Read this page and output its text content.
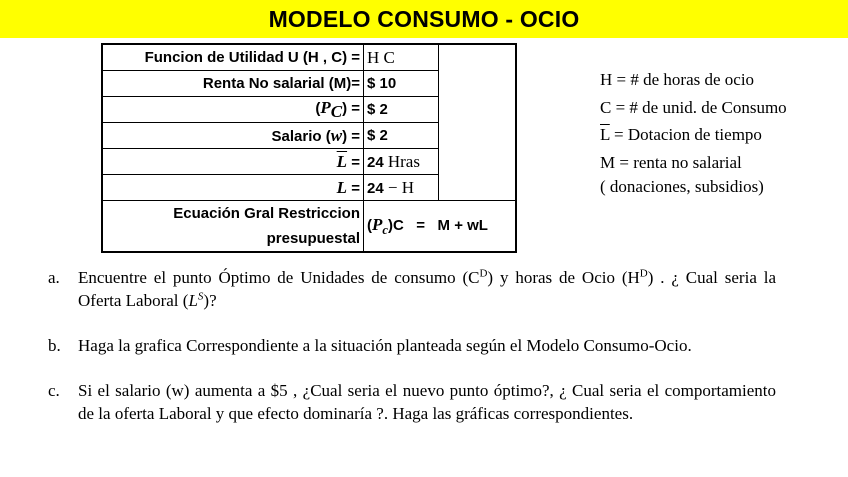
MODELO CONSUMO - OCIO
Funcion de Utilidad U (H , C) =	H C	
Renta No salarial (M)=	$ 10	
$(P_C)$ =	$ 2	
Salario (w) =	$ 2	
$\overline{L}$ =	24 Hras	
L =	24 − H	

Ecuación Gral Restriccion
presupuestal	$(P_c)C = M$ + wL	
H = # de horas de ocio
C = # de unid. de Consumo
$\overline{L}$ = Dotacion de tiempo
M = renta no salarial
( donaciones, subsidios)
a.	Encuentre el punto Óptimo de Unidades de consumo $(C^D)$ y horas de Ocio $(H^D)$ . ¿ Cual seria la Oferta Laboral $(L^S)$?
b.	Haga la grafica Correspondiente a la situación planteada según el Modelo Consumo-Ocio.
c.	Si el salario (w) aumenta a $5 , ¿Cual seria el nuevo punto óptimo?, ¿ Cual seria el comportamiento de la oferta Laboral y que efecto dominaría ?. Haga las gráficas correspondientes.
